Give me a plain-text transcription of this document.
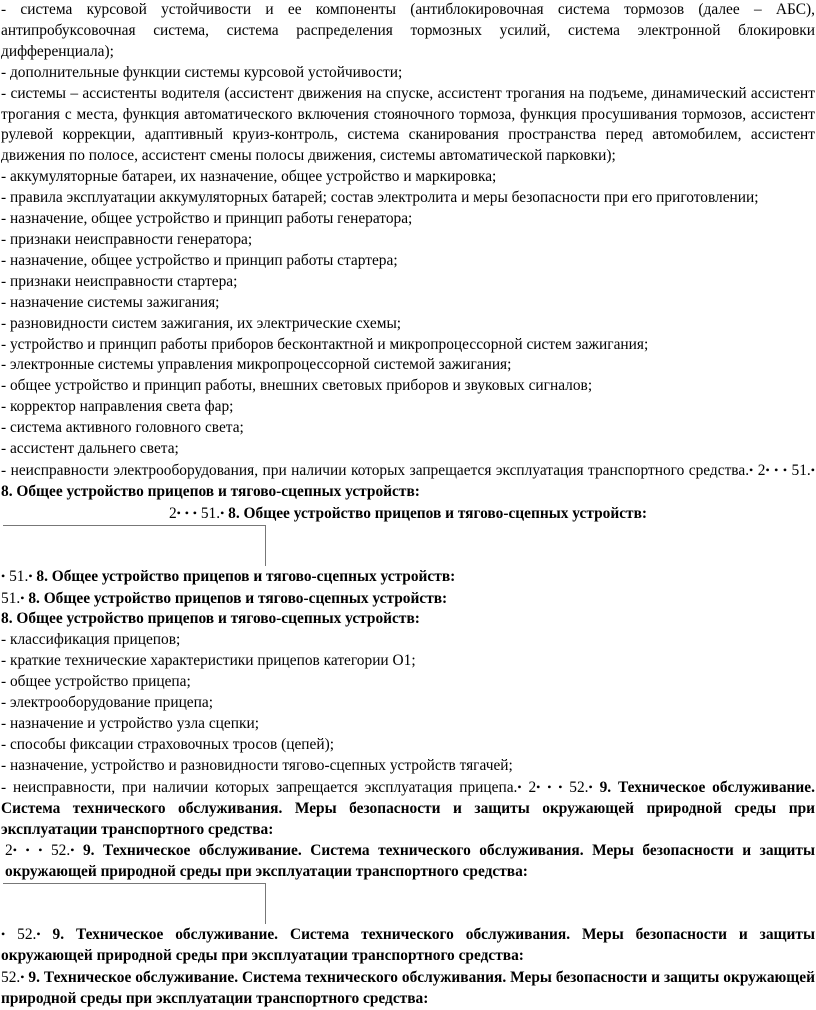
- система курсовой устойчивости и ее компоненты (антиблокировочная система тормозов (далее – АБС), антипробуксовочная система, система распределения тормозных усилий, система электронной блокировки дифференциала);

- дополнительные функции системы курсовой устойчивости;

- системы – ассистенты водителя (ассистент движения на спуске, ассистент трогания на подъеме, динамический ассистент трогания с места, функция автоматического включения стояночного тормоза, функция просушивания тормозов, ассистент рулевой коррекции, адаптивный круиз-контроль, система сканирования пространства перед автомобилем, ассистент движения по полосе, ассистент смены полосы движения, системы автоматической парковки);

- аккумуляторные батареи, их назначение, общее устройство и маркировка;

- правила эксплуатации аккумуляторных батарей; состав электролита и меры безопасности при его приготовлении;

- назначение, общее устройство и принцип работы генератора;

- признаки неисправности генератора;

- назначение, общее устройство и принцип работы стартера;

- признаки неисправности стартера;

- назначение системы зажигания;

- разновидности систем зажигания, их электрические схемы;

- устройство и принцип работы приборов бесконтактной и микропроцессорной систем зажигания;

- электронные системы управления микропроцессорной системой зажигания;

- общее устройство и принцип работы, внешних световых приборов и звуковых сигналов;

- корректор направления света фар;

- система активного головного света;

- ассистент дальнего света;

- неисправности электрооборудования, при наличии которых запрещается эксплуатация транспортного средства.• 2• • • 51.• 8. Общее устройство прицепов и тягово-сцепных устройств:

2• • • 51.• 8. Общее устройство прицепов и тягово-сцепных устройств:

• 51.• 8. Общее устройство прицепов и тягово-сцепных устройств:

51.• 8. Общее устройство прицепов и тягово-сцепных устройств:

8. Общее устройство прицепов и тягово-сцепных устройств:

- классификация прицепов;

- краткие технические характеристики прицепов категории О1;

- общее устройство прицепа;

- электрооборудование прицепа;

- назначение и устройство узла сцепки;

- способы фиксации страховочных тросов (цепей);

- назначение, устройство и разновидности тягово-сцепных устройств тягачей;

- неисправности, при наличии которых запрещается эксплуатация прицепа.• 2• • • 52.• 9. Техническое обслуживание. Система технического обслуживания. Меры безопасности и защиты окружающей природной среды при эксплуатации транспортного средства:

2• • • 52.• 9. Техническое обслуживание. Система технического обслуживания. Меры безопасности и защиты окружающей природной среды при эксплуатации транспортного средства:

• 52.• 9. Техническое обслуживание. Система технического обслуживания. Меры безопасности и защиты окружающей природной среды при эксплуатации транспортного средства:

52.• 9. Техническое обслуживание. Система технического обслуживания. Меры безопасности и защиты окружающей природной среды при эксплуатации транспортного средства:
